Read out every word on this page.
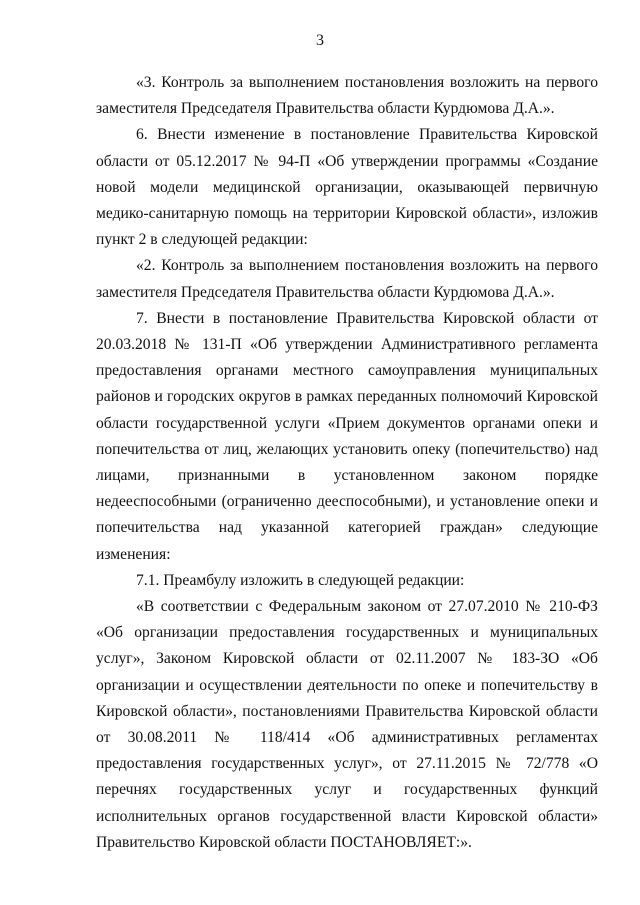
3

«3. Контроль за выполнением постановления возложить на первого заместителя Председателя Правительства области Курдюмова Д.А.».

6. Внести изменение в постановление Правительства Кировской области от 05.12.2017 № 94-П «Об утверждении программы «Создание новой модели медицинской организации, оказывающей первичную медико-санитарную помощь на территории Кировской области», изложив пункт 2 в следующей редакции:

«2. Контроль за выполнением постановления возложить на первого заместителя Председателя Правительства области Курдюмова Д.А.».

7. Внести в постановление Правительства Кировской области от 20.03.2018 № 131-П «Об утверждении Административного регламента предоставления органами местного самоуправления муниципальных районов и городских округов в рамках переданных полномочий Кировской области государственной услуги «Прием документов органами опеки и попечительства от лиц, желающих установить опеку (попечительство) над лицами, признанными в установленном законом порядке недееспособными (ограниченно дееспособными), и установление опеки и попечительства над указанной категорией граждан» следующие изменения:

7.1. Преамбулу изложить в следующей редакции:

«В соответствии с Федеральным законом от 27.07.2010 № 210-ФЗ «Об организации предоставления государственных и муниципальных услуг», Законом Кировской области от 02.11.2007 № 183-ЗО «Об организации и осуществлении деятельности по опеке и попечительству в Кировской области», постановлениями Правительства Кировской области от 30.08.2011 № 118/414 «Об административных регламентах предоставления государственных услуг», от 27.11.2015 № 72/778 «О перечнях государственных услуг и государственных функций исполнительных органов государственной власти Кировской области» Правительство Кировской области ПОСТАНОВЛЯЕТ:».
